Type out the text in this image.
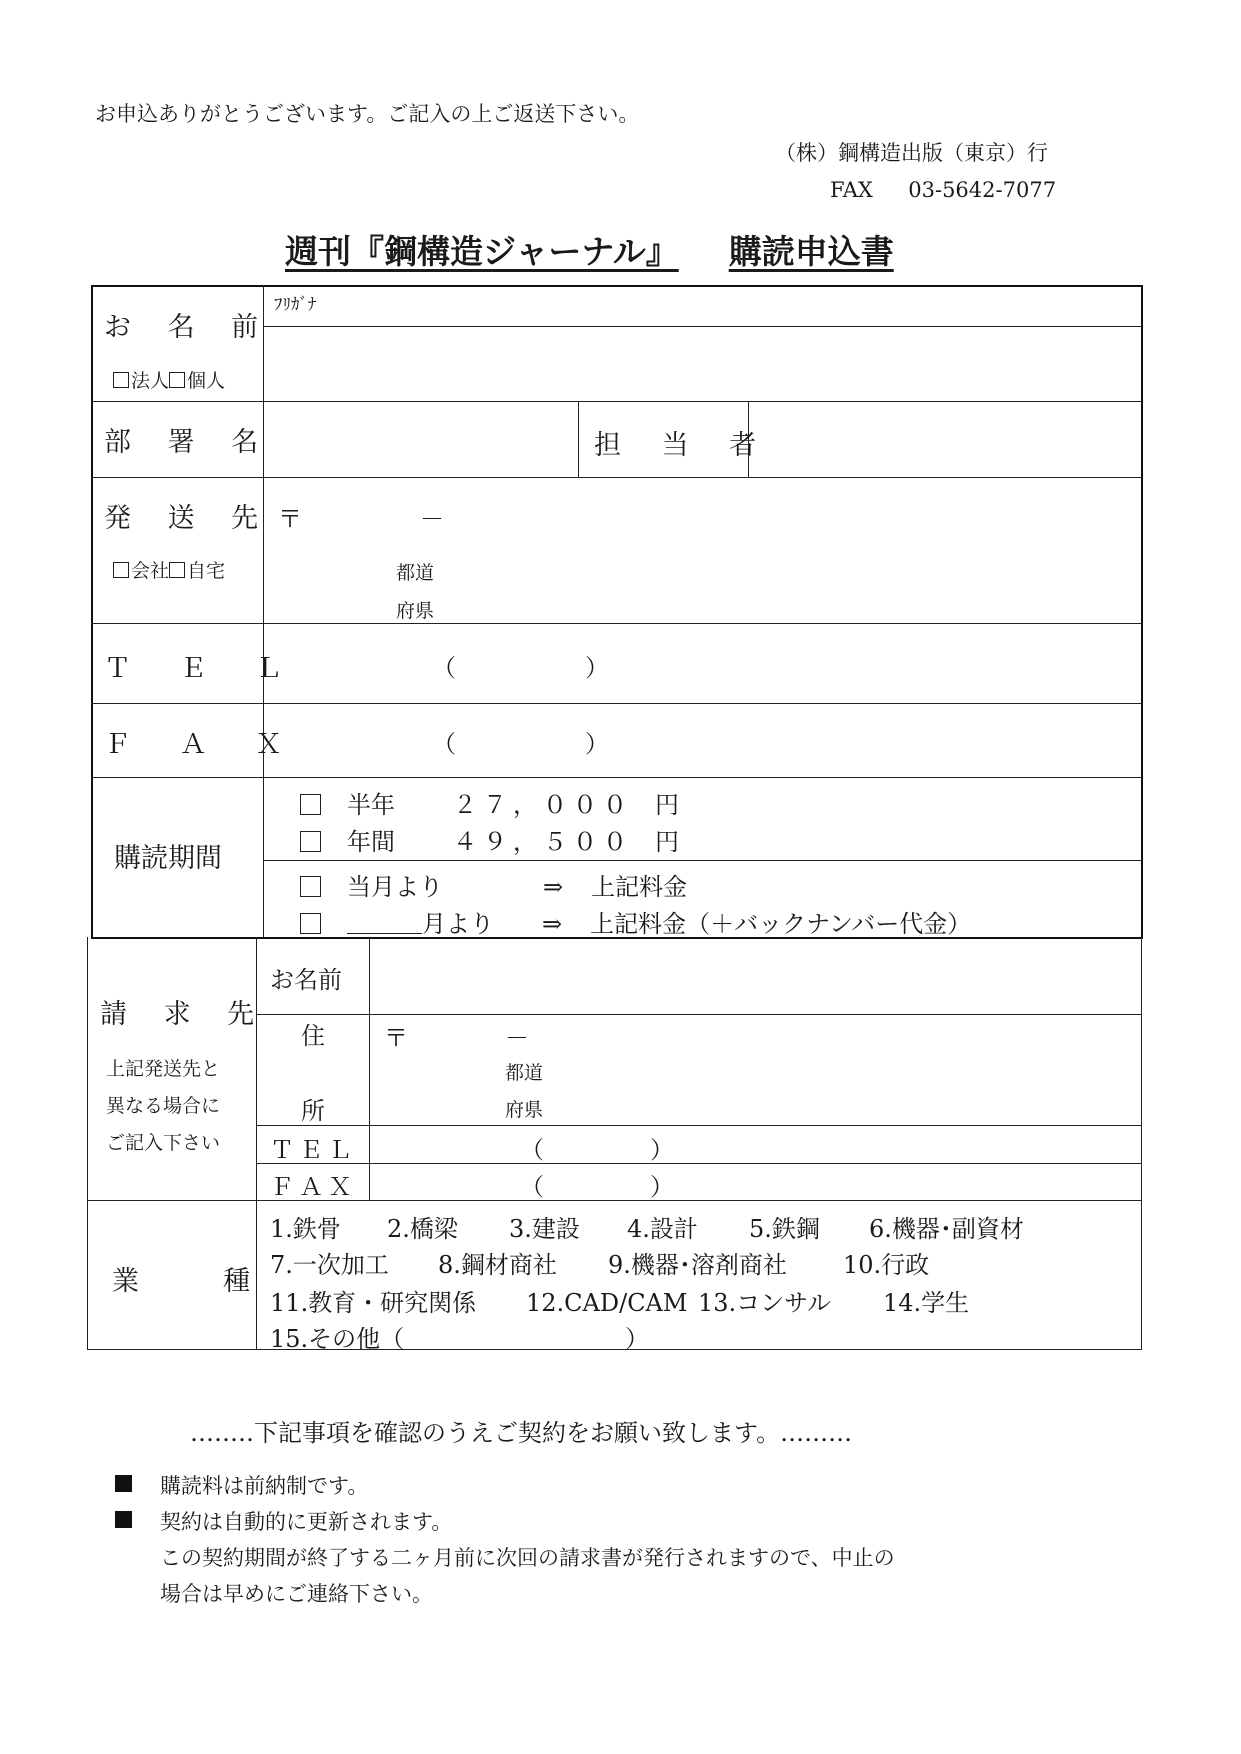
お申込ありがとうございます。ご記入の上ご返送下さい。
（株）鋼構造出版（東京）行
FAX 03-5642-7077
週刊『鋼構造ジャーナル』 購読申込書
お 名 前
法人 個人
ﾌﾘｶﾞﾅ
部 署 名	担 当 者
発 送 先
会社 自宅
〒	－
都道
府県
Ｔ Ｅ Ｌ	（	）
Ｆ Ａ Ｘ	（	）
購読期間
半年 ２７，０００ 円
年間 ４９，５００ 円
当月より	⇒ 上記料金
月より ⇒ 上記料金（＋バックナンバー代金）
請 求 先
上記発送先と
異なる場合に
ご記入下さい
お名前
住
所
〒	－
都道
府県
ＴＥＬ	（	）
ＦＡＸ	（	）
業 　 種
1.鉄骨 2.橋梁 3.建設 4.設計 5.鉄鋼 6.機器･副資材
7.一次加工 8.鋼材商社 9.機器･溶剤商社 10.行政
11.教育・研究関係 12.CAD/CAM 13.コンサル 14.学生
15.その他（	）
……‥下記事項を確認のうえご契約をお願い致します。………
購読料は前納制です。
契約は自動的に更新されます。
この契約期間が終了する二ヶ月前に次回の請求書が発行されますので、中止の
場合は早めにご連絡下さい。
